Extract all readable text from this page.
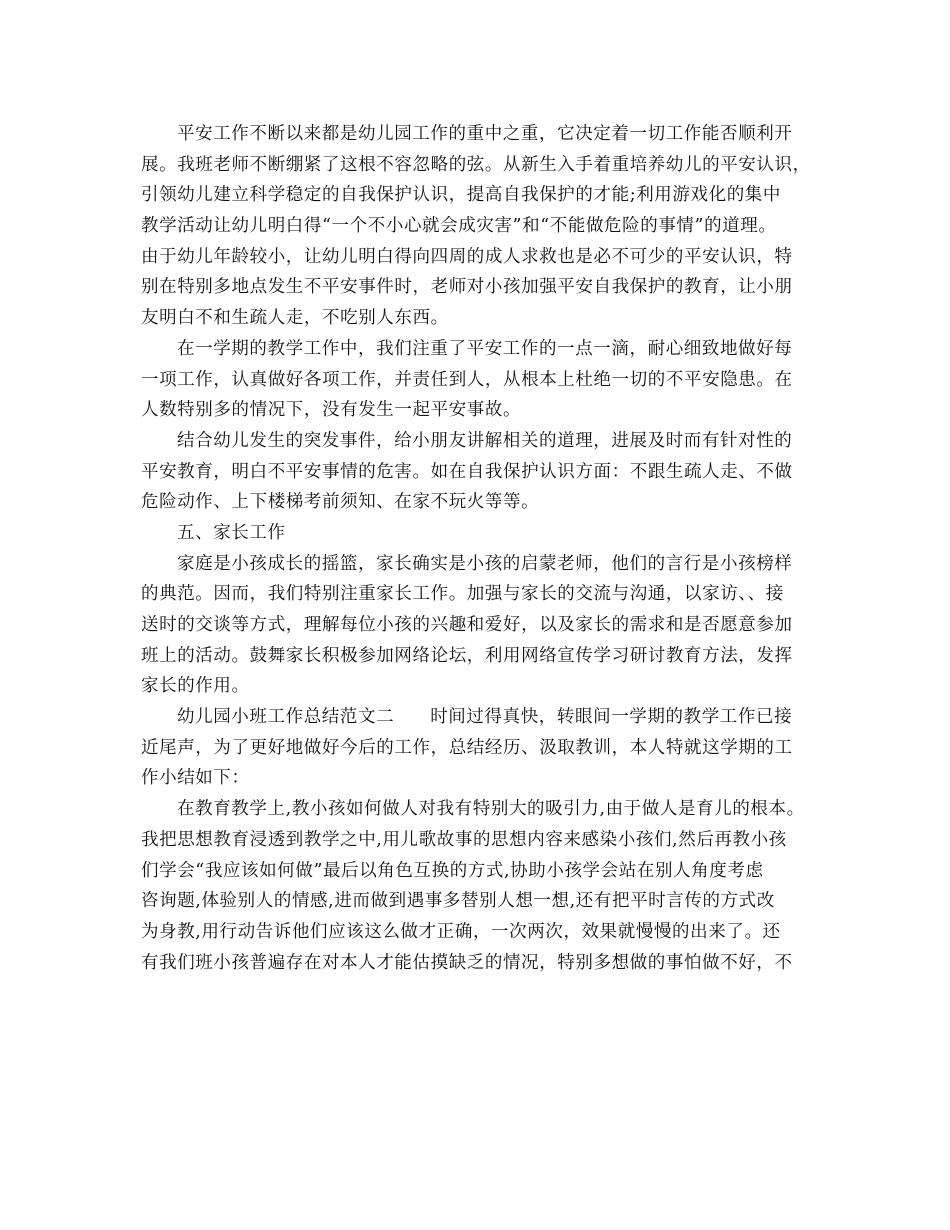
平安工作不断以来都是幼儿园工作的重中之重，它决定着一切工作能否顺利开
展。我班老师不断绷紧了这根不容忽略的弦。从新生入手着重培养幼儿的平安认识，
引领幼儿建立科学稳定的自我保护认识，提高自我保护的才能;利用游戏化的集中
教学活动让幼儿明白得“一个不小心就会成灾害”和“不能做危险的事情”的道理。
由于幼儿年龄较小，让幼儿明白得向四周的成人求救也是必不可少的平安认识，特
别在特别多地点发生不平安事件时，老师对小孩加强平安自我保护的教育，让小朋
友明白不和生疏人走，不吃别人东西。
在一学期的教学工作中，我们注重了平安工作的一点一滴，耐心细致地做好每
一项工作，认真做好各项工作，并责任到人，从根本上杜绝一切的不平安隐患。在
人数特别多的情况下，没有发生一起平安事故。
结合幼儿发生的突发事件，给小朋友讲解相关的道理，进展及时而有针对性的
平安教育，明白不平安事情的危害。如在自我保护认识方面：不跟生疏人走、不做
危险动作、上下楼梯考前须知、在家不玩火等等。
五、家长工作
家庭是小孩成长的摇篮，家长确实是小孩的启蒙老师，他们的言行是小孩榜样
的典范。因而，我们特别注重家长工作。加强与家长的交流与沟通，以家访、、接
送时的交谈等方式，理解每位小孩的兴趣和爱好，以及家长的需求和是否愿意参加
班上的活动。鼓舞家长积极参加网络论坛，利用网络宣传学习研讨教育方法，发挥
家长的作用。
幼儿园小班工作总结范文二 时间过得真快，转眼间一学期的教学工作已接
近尾声，为了更好地做好今后的工作，总结经历、汲取教训，本人特就这学期的工
作小结如下：
在教育教学上,教小孩如何做人对我有特别大的吸引力,由于做人是育儿的根本。
我把思想教育浸透到教学之中,用儿歌故事的思想内容来感染小孩们,然后再教小孩
们学会“我应该如何做”最后以角色互换的方式,协助小孩学会站在别人角度考虑
咨询题,体验别人的情感,进而做到遇事多替别人想一想,还有把平时言传的方式改
为身教,用行动告诉他们应该这么做才正确，一次两次，效果就慢慢的出来了。还
有我们班小孩普遍存在对本人才能估摸缺乏的情况，特别多想做的事怕做不好，不
